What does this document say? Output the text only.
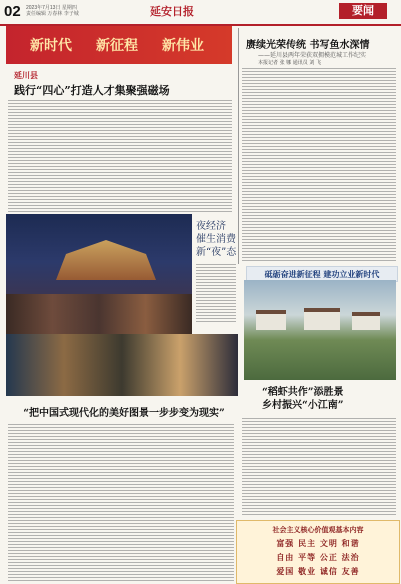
02 2023年7月13日 星期四
责任编辑 万春林 李子城	延安日报	要闻
新时代 新征程 新伟业
延川县
践行“四心”打造人才集聚强磁场
赓续光荣传统 书写鱼水深情
——延川县两年荣获双拥模范城工作纪实
本报记者 张 娜 通讯员 刘 飞
夜经济
催生消费
新“夜”态
砥砺奋进新征程 建功立业新时代
“稻虾共作”添胜景
乡村振兴“小江南”
“把中国式现代化的美好图景一步步变为现实”
社会主义核心价值观基本内容
富强 民主 文明 和谐
自由 平等 公正 法治
爱国 敬业 诚信 友善
